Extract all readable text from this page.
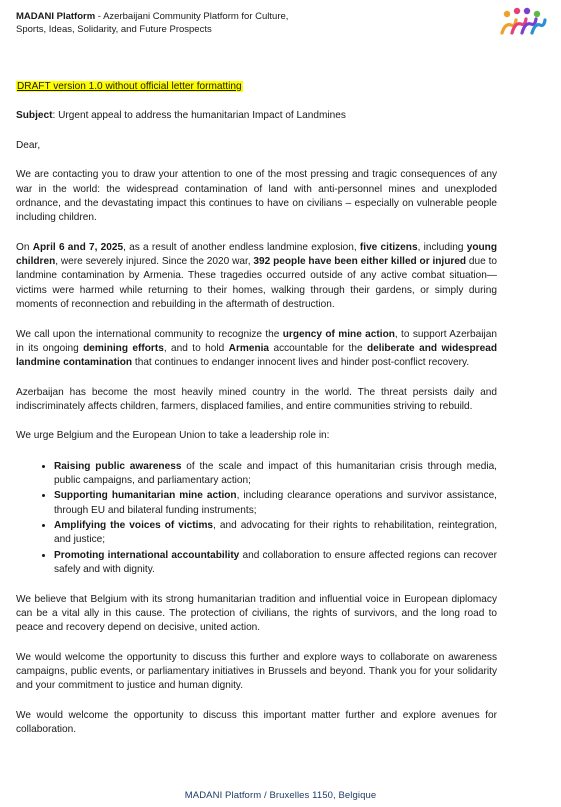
MADANI Platform - Azerbaijani Community Platform for Culture, Sports, Ideas, Solidarity, and Future Prospects

DRAFT version 1.0 without official letter formatting

Subject: Urgent appeal to address the humanitarian Impact of Landmines

Dear,

We are contacting you to draw your attention to one of the most pressing and tragic consequences of any war in the world: the widespread contamination of land with anti-personnel mines and unexploded ordnance, and the devastating impact this continues to have on civilians – especially on vulnerable people including children.

On April 6 and 7, 2025, as a result of another endless landmine explosion, five citizens, including young children, were severely injured. Since the 2020 war, 392 people have been either killed or injured due to landmine contamination by Armenia. These tragedies occurred outside of any active combat situation—victims were harmed while returning to their homes, walking through their gardens, or simply during moments of reconnection and rebuilding in the aftermath of destruction.

We call upon the international community to recognize the urgency of mine action, to support Azerbaijan in its ongoing demining efforts, and to hold Armenia accountable for the deliberate and widespread landmine contamination that continues to endanger innocent lives and hinder post-conflict recovery.

Azerbaijan has become the most heavily mined country in the world. The threat persists daily and indiscriminately affects children, farmers, displaced families, and entire communities striving to rebuild.

We urge Belgium and the European Union to take a leadership role in:

• Raising public awareness of the scale and impact of this humanitarian crisis through media, public campaigns, and parliamentary action;
• Supporting humanitarian mine action, including clearance operations and survivor assistance, through EU and bilateral funding instruments;
• Amplifying the voices of victims, and advocating for their rights to rehabilitation, reintegration, and justice;
• Promoting international accountability and collaboration to ensure affected regions can recover safely and with dignity.

We believe that Belgium with its strong humanitarian tradition and influential voice in European diplomacy can be a vital ally in this cause. The protection of civilians, the rights of survivors, and the long road to peace and recovery depend on decisive, united action.

We would welcome the opportunity to discuss this further and explore ways to collaborate on awareness campaigns, public events, or parliamentary initiatives in Brussels and beyond. Thank you for your solidarity and your commitment to justice and human dignity.

We would welcome the opportunity to discuss this important matter further and explore avenues for collaboration.

MADANI Platform / Bruxelles 1150, Belgique
